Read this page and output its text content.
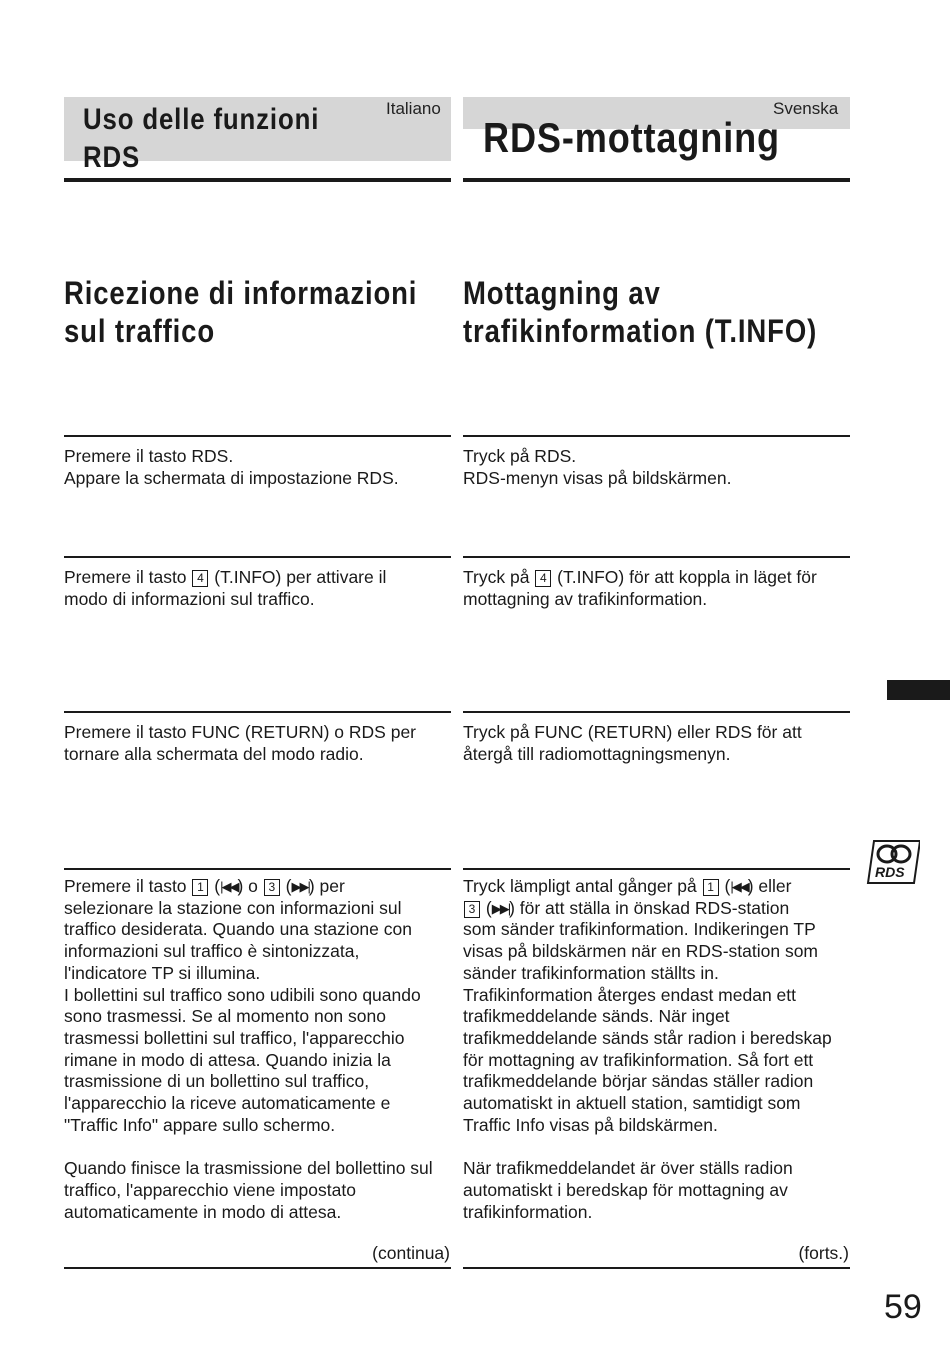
Uso delle funzioni
RDS
Italiano	Svenska
RDS-mottagning
Ricezione di informazioni
sul traffico
Mottagning av
trafikinformation (T.INFO)
Premere il tasto RDS.
Appare la schermata di impostazione RDS.
Tryck på RDS.
RDS-menyn visas på bildskärmen.
Premere il tasto 4 (T.INFO) per attivare il
modo di informazioni sul traffico.
Tryck på 4 (T.INFO) för att koppla in läget för
mottagning av trafikinformation.
Premere il tasto FUNC (RETURN) o RDS per
tornare alla schermata del modo radio.
Tryck på FUNC (RETURN) eller RDS för att
återgå till radiomottagningsmenyn.
RDS
Premere il tasto 1 (|◀◀) o 3 (▶▶|) per
selezionare la stazione con informazioni sul
traffico desiderata. Quando una stazione con
informazioni sul traffico è sintonizzata,
l'indicatore TP si illumina.
I bollettini sul traffico sono udibili sono quando
sono trasmessi. Se al momento non sono
trasmessi bollettini sul traffico, l'apparecchio
rimane in modo di attesa. Quando inizia la
trasmissione di un bollettino sul traffico,
l'apparecchio la riceve automaticamente e
"Traffic Info" appare sullo schermo.
Quando finisce la trasmissione del bollettino sul
traffico, l'apparecchio viene impostato
automaticamente in modo di attesa.
Tryck lämpligt antal gånger på 1 (|◀◀) eller
3 (▶▶|) för att ställa in önskad RDS-station
som sänder trafikinformation. Indikeringen TP
visas på bildskärmen när en RDS-station som
sänder trafikinformation ställts in.
Trafikinformation återges endast medan ett
trafikmeddelande sänds. När inget
trafikmeddelande sänds står radion i beredskap
för mottagning av trafikinformation. Så fort ett
trafikmeddelande börjar sändas ställer radion
automatiskt in aktuell station, samtidigt som
Traffic Info visas på bildskärmen.
När trafikmeddelandet är över ställs radion
automatiskt i beredskap för mottagning av
trafikinformation.
(continua)	(forts.)
59
